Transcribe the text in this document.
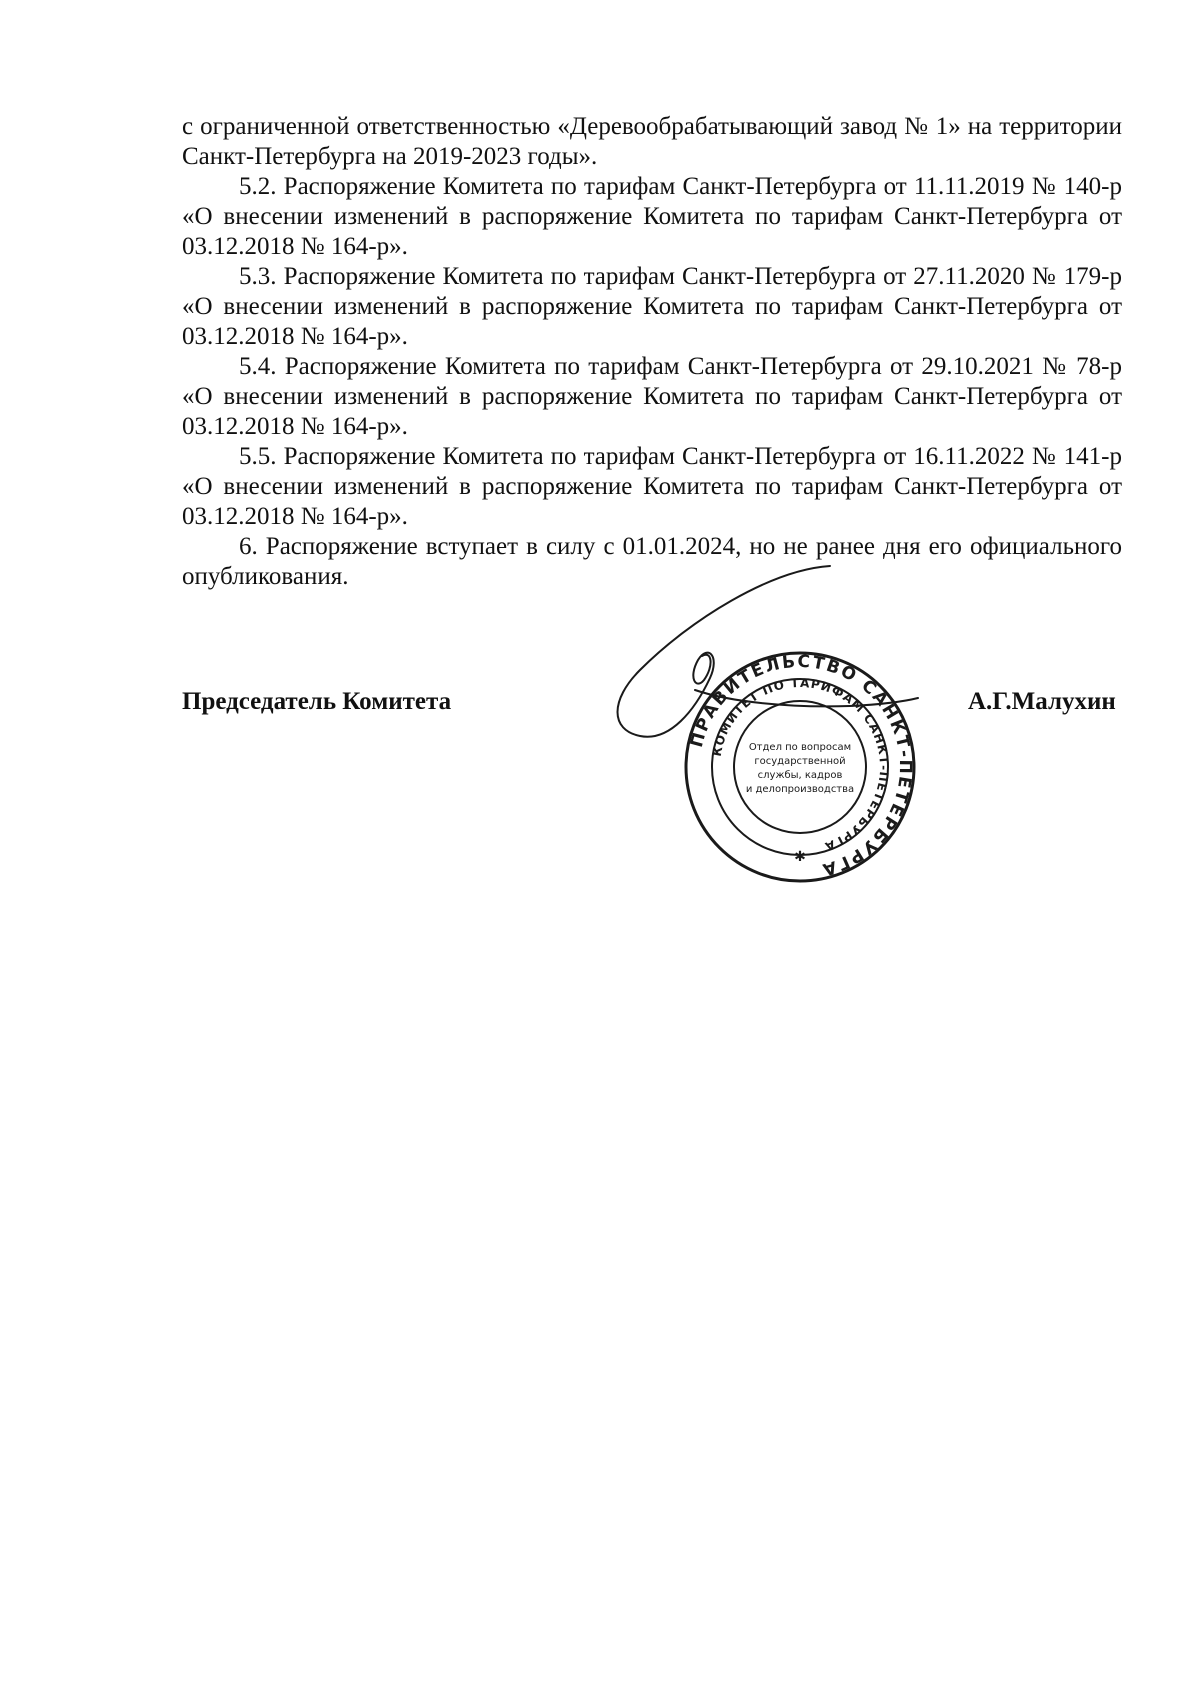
с ограниченной ответственностью «Деревообрабатывающий завод № 1» на территории Санкт-Петербурга на 2019-2023 годы».

5.2. Распоряжение Комитета по тарифам Санкт-Петербурга от 11.11.2019 № 140-р «О внесении изменений в распоряжение Комитета по тарифам Санкт-Петербурга от 03.12.2018 № 164-р».

5.3. Распоряжение Комитета по тарифам Санкт-Петербурга от 27.11.2020 № 179-р «О внесении изменений в распоряжение Комитета по тарифам Санкт-Петербурга от 03.12.2018 № 164-р».

5.4. Распоряжение Комитета по тарифам Санкт-Петербурга от 29.10.2021 № 78-р «О внесении изменений в распоряжение Комитета по тарифам Санкт-Петербурга от 03.12.2018 № 164-р».

5.5. Распоряжение Комитета по тарифам Санкт-Петербурга от 16.11.2022 № 141-р «О внесении изменений в распоряжение Комитета по тарифам Санкт-Петербурга от 03.12.2018 № 164-р».

6. Распоряжение вступает в силу с 01.01.2024, но не ранее дня его официального опубликования.

Председатель Комитета	А.Г.Малухин
ПРАВИТЕЛЬСТВО САНКТ-ПЕТЕРБУРГА
КОМИТЕТ ПО ТАРИФАМ САНКТ-ПЕТЕРБУРГА
Отдел по вопросам
государственной
службы, кадров
и делопроизводства
✱
